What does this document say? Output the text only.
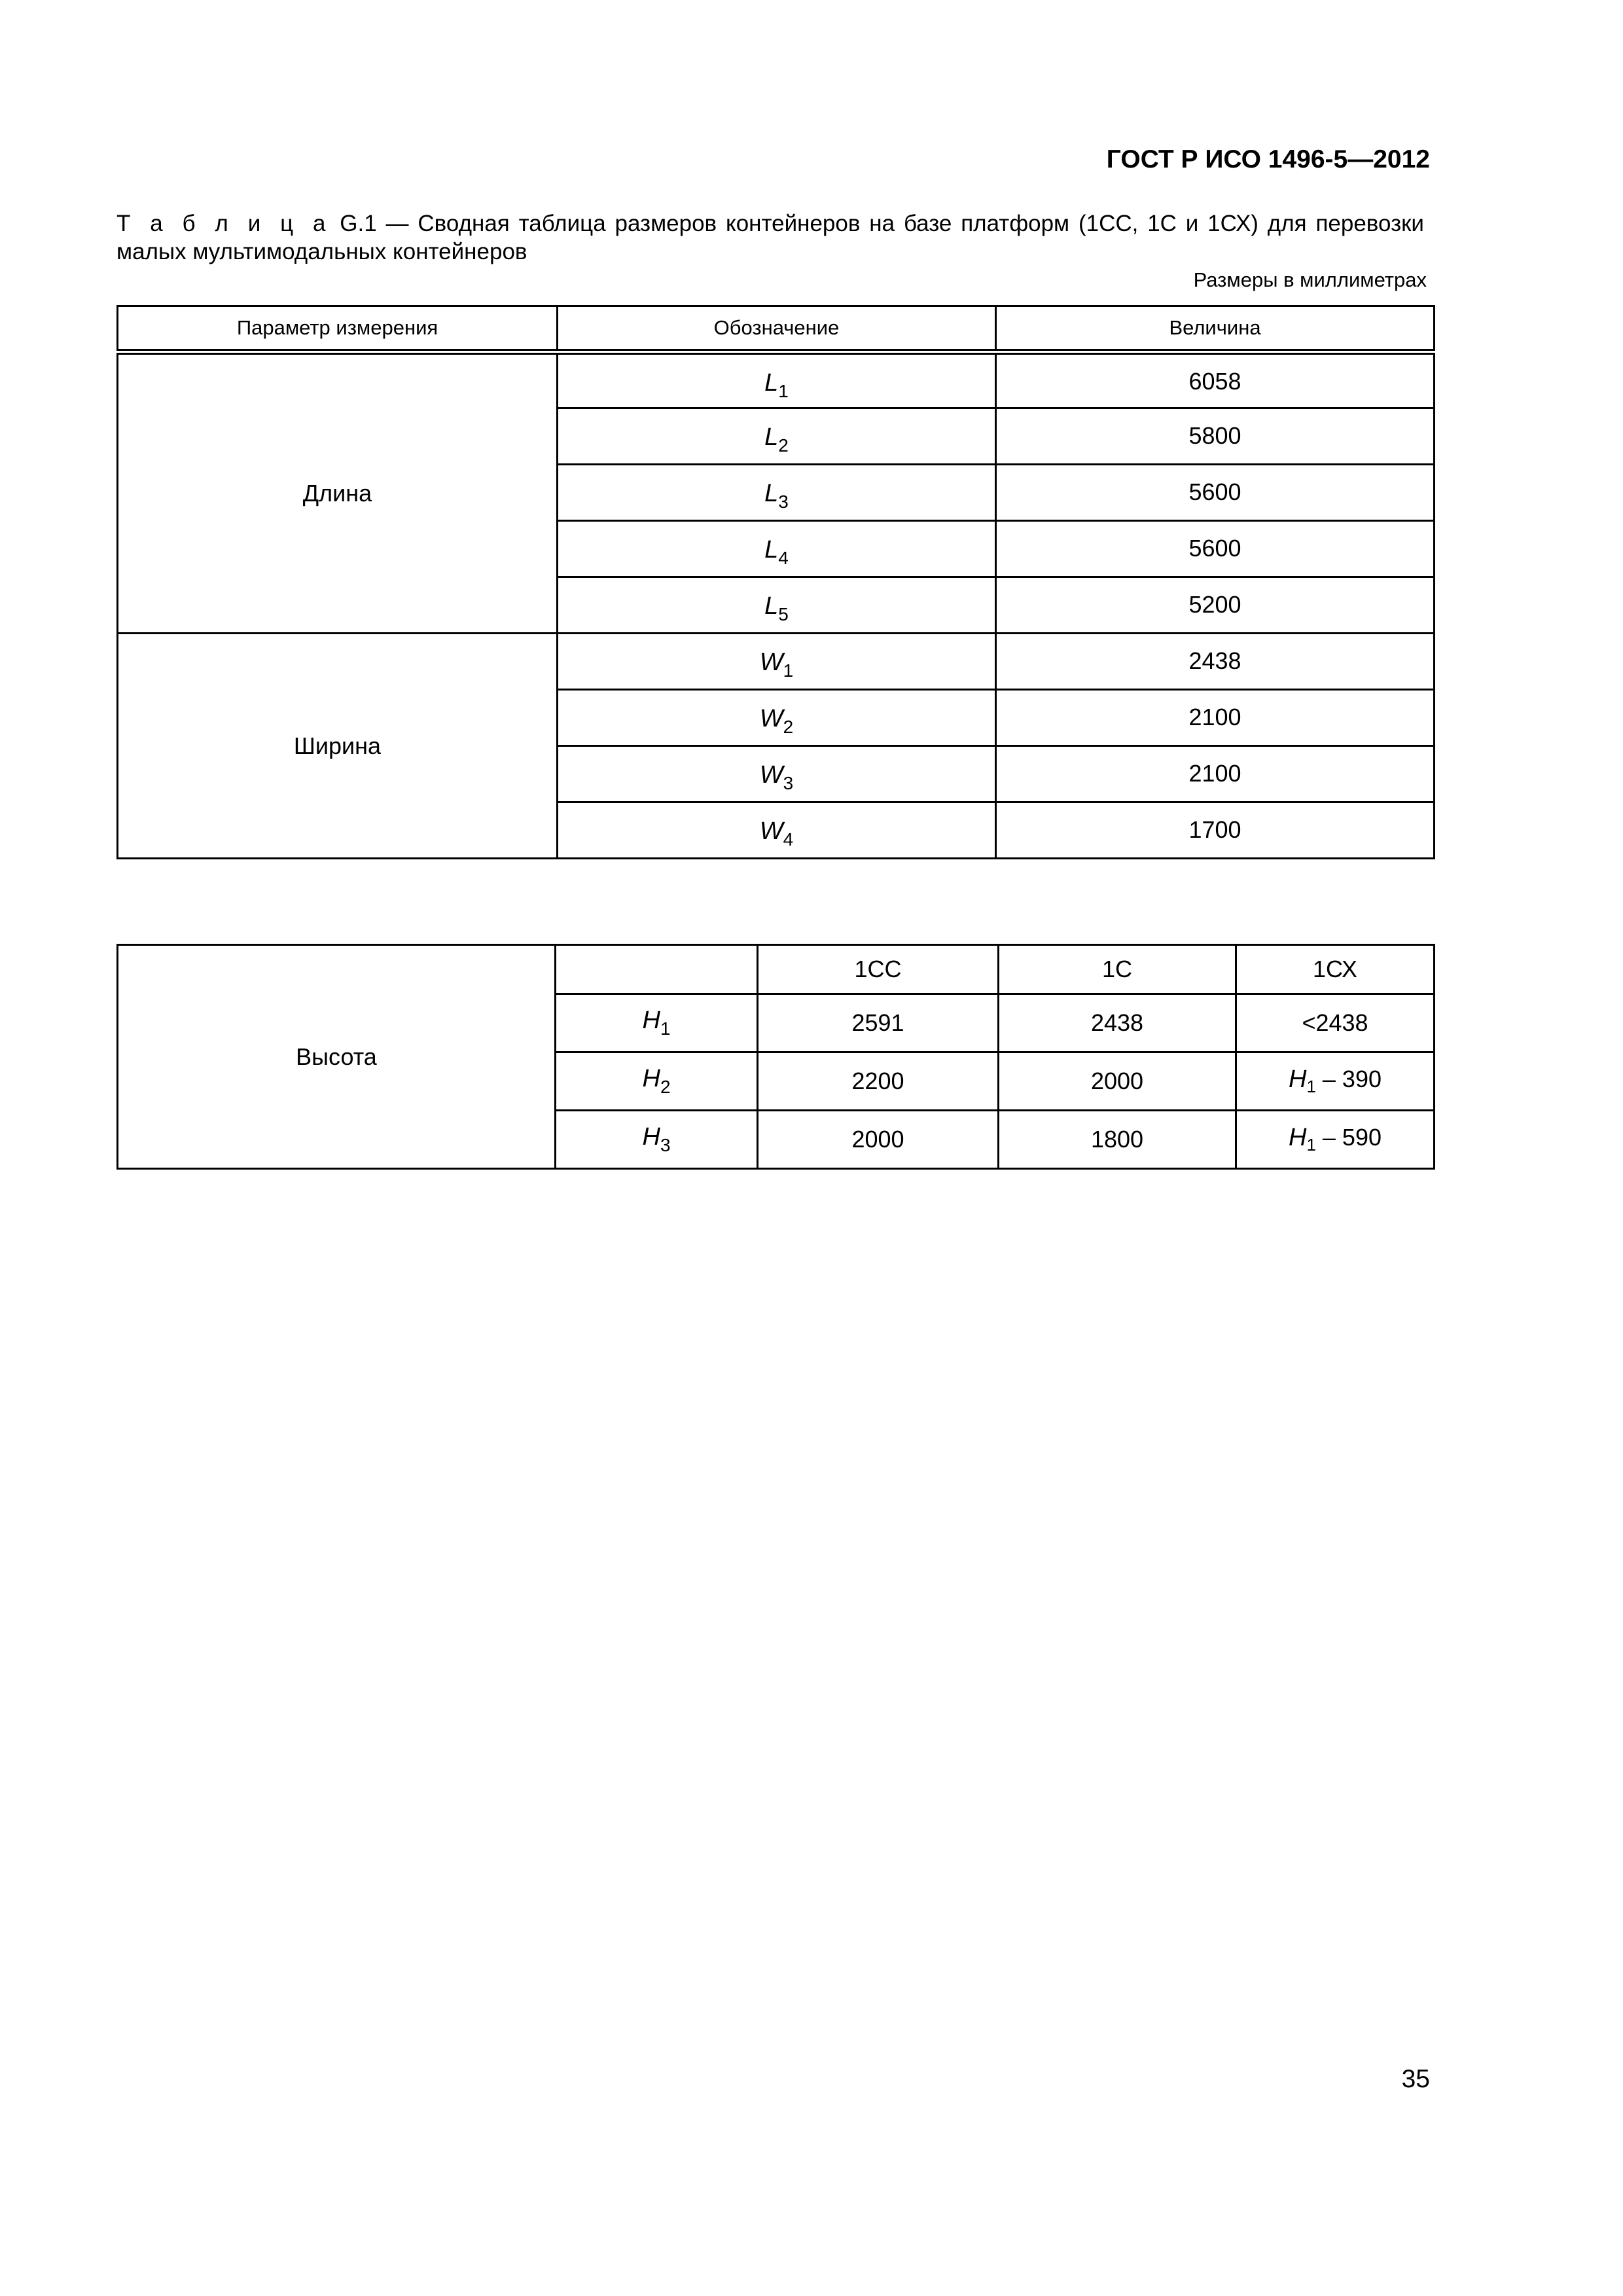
ГОСТ Р ИСО 1496-5—2012
Т а б л и ц а G.1 — Сводная таблица размеров контейнеров на базе платформ (1СС, 1С и 1СХ) для перевозки малых мультимодальных контейнеров
Размеры в миллиметрах
Параметр измерения	Обозначение	Величина
Длина	$L_1$	6058
	$L_2$	5800
	$L_3$	5600
	$L_4$	5600
	$L_5$	5200
Ширина	$W_1$	2438
	$W_2$	2100
	$W_3$	2100
	$W_4$	1700
Высота		1СС	1С	1СХ
	$H_1$	2591	2438	<2438
	$H_2$	2200	2000	$H_1 - 390$
	$H_3$	2000	1800	$H_1 - 590$
35
